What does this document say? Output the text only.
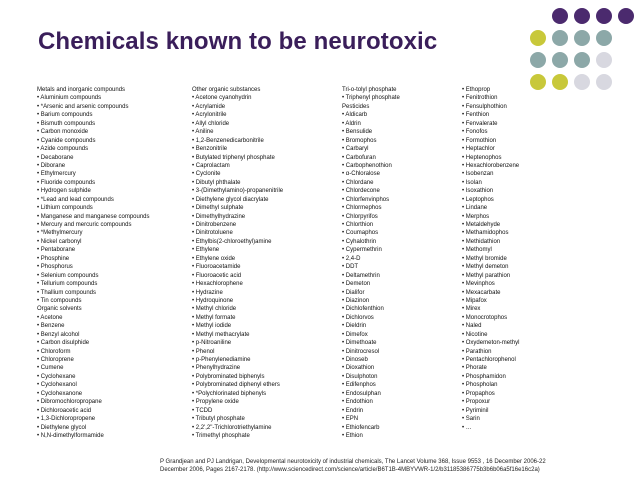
Chemicals known to be neurotoxic
Metals and inorganic compounds
• Aluminium compounds
• *Arsenic and arsenic compounds
• Barium compounds
• Bismuth compounds
• Carbon monoxide
• Cyanide compounds
• Azide compounds
• Decaborane
• Diborane
• Ethylmercury
• Fluoride compounds
• Hydrogen sulphide
• *Lead and lead compounds
• Lithium compounds
• Manganese and manganese compounds
• Mercury and mercuric compounds
• *Methylmercury
• Nickel carbonyl
• Pentaborane
• Phosphine
• Phosphorus
• Selenium compounds
• Tellurium compounds
• Thallium compounds
• Tin compounds
Organic solvents
• Acetone
• Benzene
• Benzyl alcohol
• Carbon disulphide
• Chloroform
• Chloroprene
• Cumene
• Cyclohexane
• Cyclohexanol
• Cyclohexanone
• Dibromochloropropane
• Dichloroacetic acid
• 1,3-Dichloropropene
• Diethylene glycol
• N,N-dimethylformamide
Other organic substances
• Acetone cyanohydrin
• Acrylamide
• Acrylonitrile
• Allyl chloride
• Aniline
• 1,2-Benzenedicarbonitrile
• Benzonitrile
• Butylated triphenyl phosphate
• Caprolactam
• Cyclonite
• Dibutyl phthalate
• 3-(Dimethylamino)-propanenitrile
• Diethylene glycol diacrylate
• Dimethyl sulphate
• Dimethylhydrazine
• Dinitrobenzene
• Dinitrotoluene
• Ethylbis(2-chloroethyl)amine
• Ethylene
• Ethylene oxide
• Fluoroacetamide
• Fluoroacetic acid
• Hexachlorophene
• Hydrazine
• Hydroquinone
• Methyl chloride
• Methyl formate
• Methyl iodide
• Methyl methacrylate
• p-Nitroaniline
• Phenol
• p-Phenylenediamine
• Phenylhydrazine
• Polybrominated biphenyls
• Polybrominated diphenyl ethers
• *Polychlorinated biphenyls
• Propylene oxide
• TCDD
• Tributyl phosphate
• 2,2',2"-Trichlorotriethylamine
• Trimethyl phosphate
Tri-o-tolyl phosphate
• Triphenyl phosphate
Pesticides
• Aldicarb
• Aldrin
• Bensulide
• Bromophos
• Carbaryl
• Carbofuran
• Carbophenothion
• α-Chloralose
• Chlordane
• Chlordecone
• Chlorfenvinphos
• Chlormephos
• Chlorpyrifos
• Chlorthion
• Coumaphos
• Cyhalothrin
• Cypermethrin
• 2,4-D
• DDT
• Deltamethrin
• Demeton
• Dialifor
• Diazinon
• Dichlofenthion
• Dichlorvos
• Dieldrin
• Dimefox
• Dimethoate
• Dinitrocresol
• Dinoseb
• Dioxathion
• Disulphoton
• Edifenphos
• Endosulphan
• Endothion
• Endrin
• EPN
• Ethiofencarb
• Ethion
• Ethoprop
• Fenitrothion
• Fensulphothion
• Fenthion
• Fenvalerate
• Fonofos
• Formothion
• Heptachlor
• Heptenophos
• Hexachlorobenzene
• Isobenzan
• Isolan
• Isoxathion
• Leptophos
• Lindane
• Merphos
• Metaldehyde
• Methamidophos
• Methidathion
• Methomyl
• Methyl bromide
• Methyl demeton
• Methyl parathion
• Mevinphos
• Mexacarbate
• Mipafox
• Mirex
• Monocrotophos
• Naled
• Nicotine
• Oxydemeton-methyl
• Parathion
• Pentachlorophenol
• Phorate
• Phosphamidon
• Phospholan
• Propaphos
• Propoxur
• Pyriminil
• Sarin
• …
P Grandjean and PJ Landrigan, Developmental neurotoxicity of industrial chemicals, The Lancet Volume 368, Issue 9553 , 16 December 2006-22
December 2006, Pages 2167-2178. (http://www.sciencedirect.com/science/article/B6T1B-4MBYVWR-1/2/b31185386775b3b6b06a5f16e16c2a)
